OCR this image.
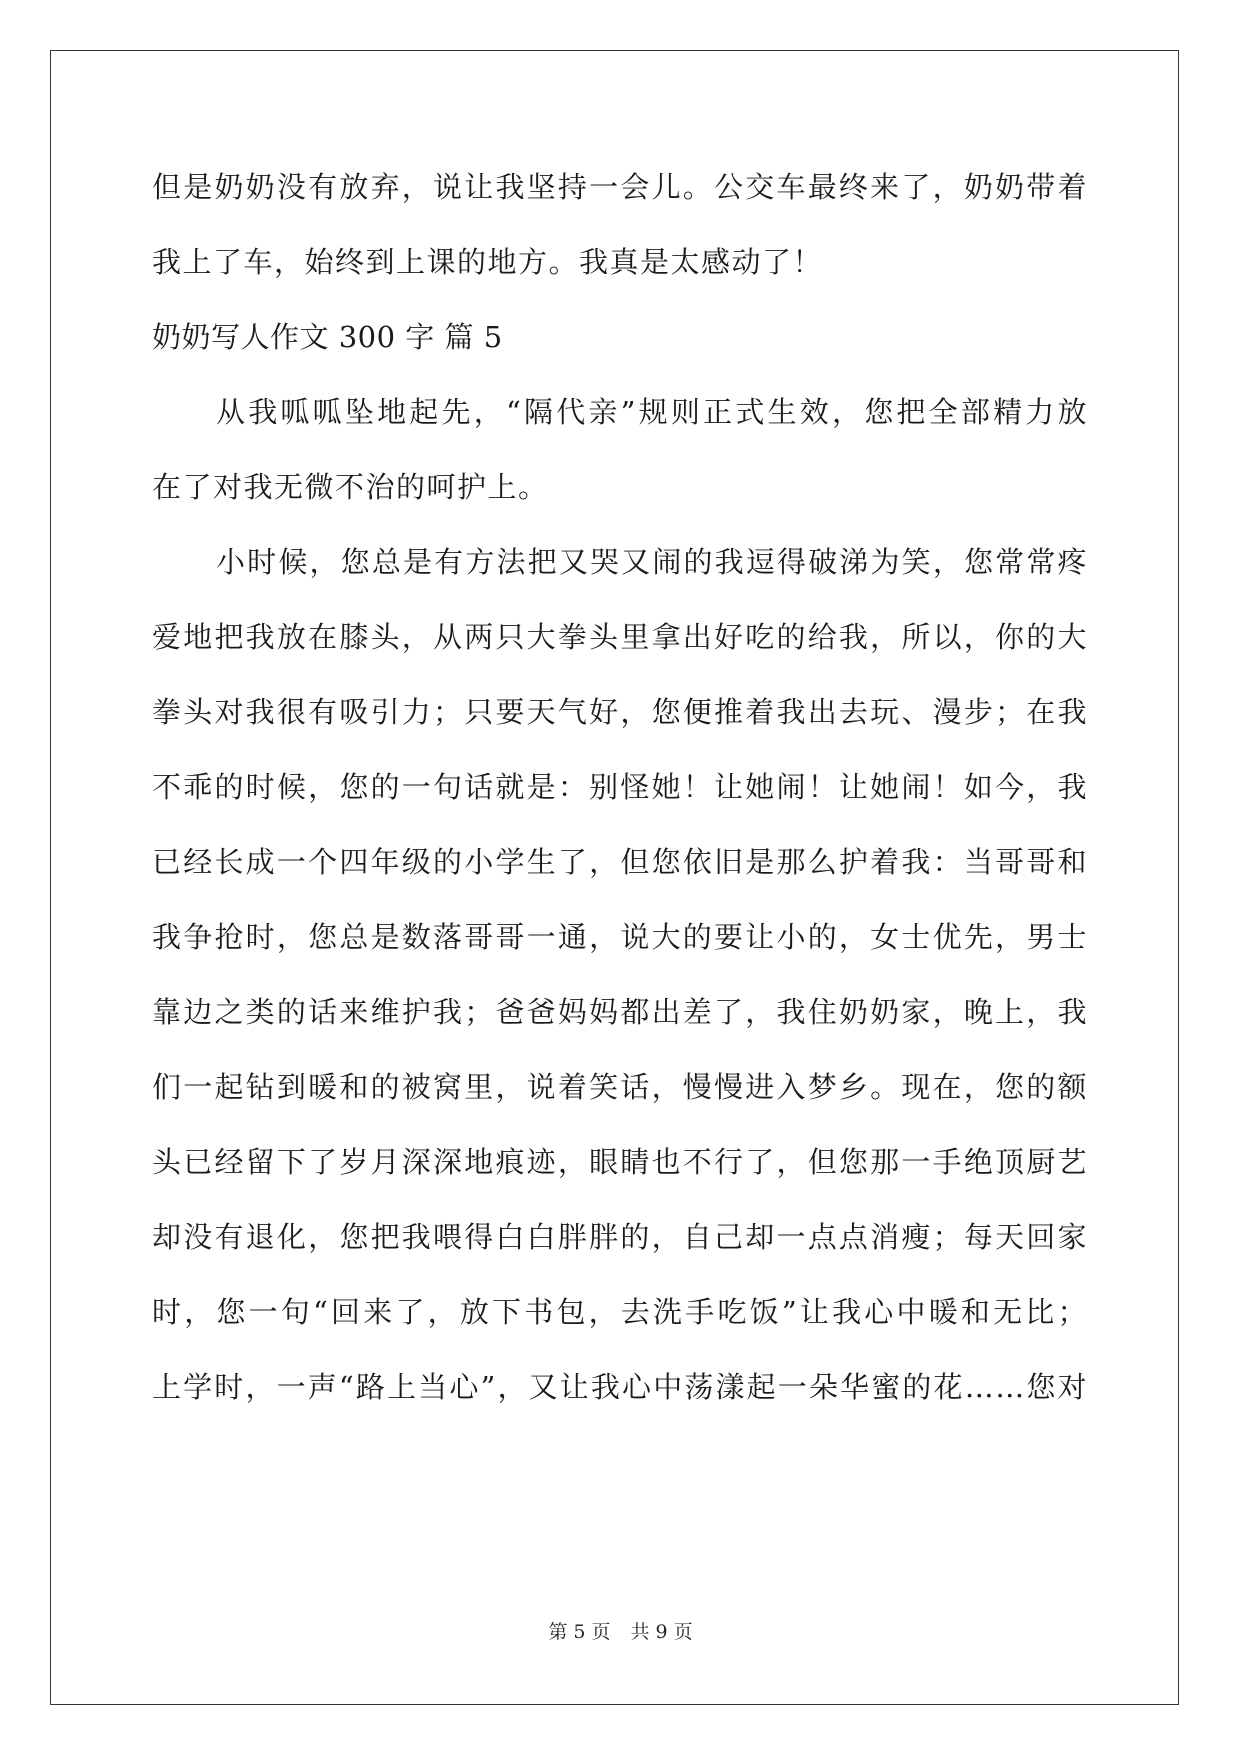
但是奶奶没有放弃，说让我坚持一会儿。公交车最终来了，奶奶带着
我上了车，始终到上课的地方。我真是太感动了！
奶奶写人作文 300 字 篇 5
从我呱呱坠地起先，“隔代亲”规则正式生效，您把全部精力放
在了对我无微不治的呵护上。
小时候，您总是有方法把又哭又闹的我逗得破涕为笑，您常常疼
爱地把我放在膝头，从两只大拳头里拿出好吃的给我，所以，你的大
拳头对我很有吸引力；只要天气好，您便推着我出去玩、漫步；在我
不乖的时候，您的一句话就是：别怪她！让她闹！让她闹！如今，我
已经长成一个四年级的小学生了，但您依旧是那么护着我：当哥哥和
我争抢时，您总是数落哥哥一通，说大的要让小的，女士优先，男士
靠边之类的话来维护我；爸爸妈妈都出差了，我住奶奶家，晚上，我
们一起钻到暖和的被窝里，说着笑话，慢慢进入梦乡。现在，您的额
头已经留下了岁月深深地痕迹，眼睛也不行了，但您那一手绝顶厨艺
却没有退化，您把我喂得白白胖胖的，自己却一点点消瘦；每天回家
时，您一句“回来了，放下书包，去洗手吃饭”让我心中暖和无比；
上学时，一声“路上当心”，又让我心中荡漾起一朵华蜜的花……您对
第 5 页 共 9 页
